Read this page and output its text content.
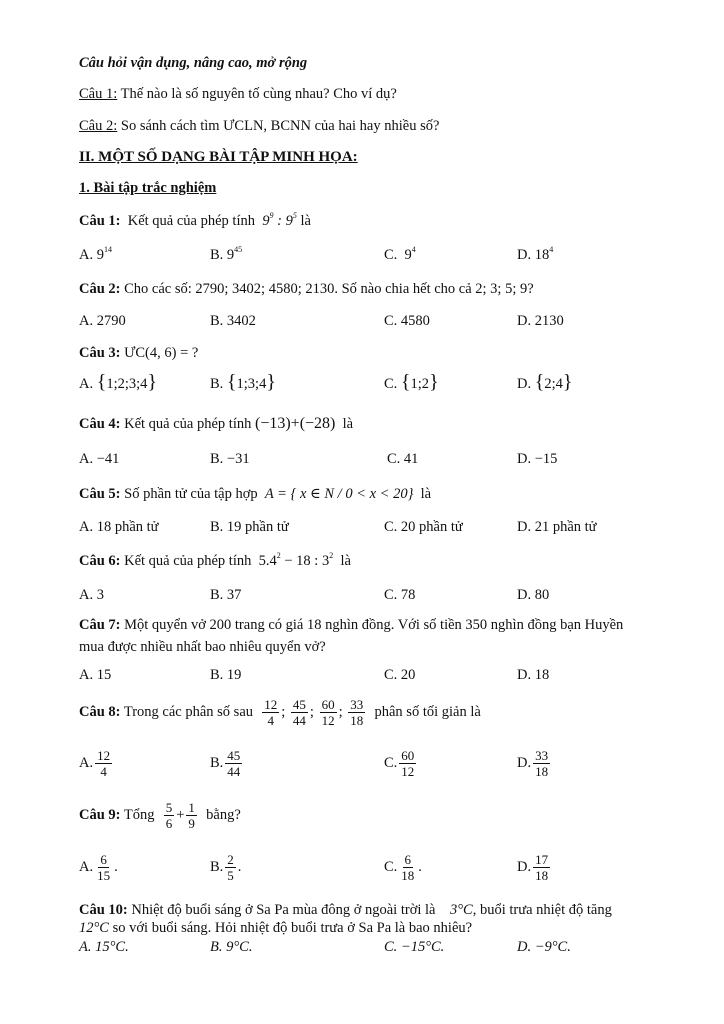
Câu hỏi vận dụng, nâng cao, mở rộng
Câu 1: Thế nào là số nguyên tố cùng nhau? Cho ví dụ?
Câu 2: So sánh cách tìm ƯCLN, BCNN của hai hay nhiều số?
II. MỘT SỐ DẠNG BÀI TẬP MINH HỌA:
1. Bài tập trắc nghiệm
Câu 1: Kết quả của phép tính $9^9$ : $9^5$ là
A. $9^{14}$	B. $9^{45}$	C. $9^4$	D. $18^4$
Câu 2: Cho các số: 2790; 3402; 4580; 2130. Số nào chia hết cho cả 2; 3; 5; 9?
A. 2790	B. 3402	C. 4580	D. 2130
Câu 3: ƯC(4, 6) = ?
A. {1;2;3;4}	B. {1;3;4}	C. {1;2}	D. {2;4}
Câu 4: Kết quả của phép tính (−13)+(−28) là
A. −41	B. −31	C. 41	D. −15
Câu 5: Số phần tử của tập hợp A = { x ∈ N / 0 < x < 20} là
A. 18 phần tử	B. 19 phần tử	C. 20 phần tử	D. 21 phần tử
Câu 6: Kết quả của phép tính $5.4^2 - 18$ : $3^2$ là
A. 3	B. 37	C. 78	D. 80
Câu 7: Một quyển vở 200 trang có giá 18 nghìn đồng. Với số tiền 350 nghìn đồng bạn Huyền
mua được nhiều nhất bao nhiêu quyển vở?
A. 15	B. 19	C. 20	D. 18
Câu 8: Trong các phân số sau $\frac{12}{4}$ ; $\frac{45}{44}$ ; $\frac{60}{12}$ ; $\frac{33}{18}$ phân số tối giản là
A. $\frac{12}{4}$	B. $\frac{45}{44}$	C. $\frac{60}{12}$	D. $\frac{33}{18}$
Câu 9: Tổng $\frac{5}{6} + \frac{1}{9}$ bằng?
A. $\frac{6}{15}$ .	B. $\frac{2}{5}$ .	C. $\frac{6}{18}$ .	D. $\frac{17}{18}$
Câu 10: Nhiệt độ buổi sáng ở Sa Pa mùa đông ở ngoài trời là 3°C, buổi trưa nhiệt độ tăng
12°C so với buổi sáng. Hỏi nhiệt độ buổi trưa ở Sa Pa là bao nhiêu?
A. 15°C.	B. 9°C.	C. −15°C.	D. −9°C.
